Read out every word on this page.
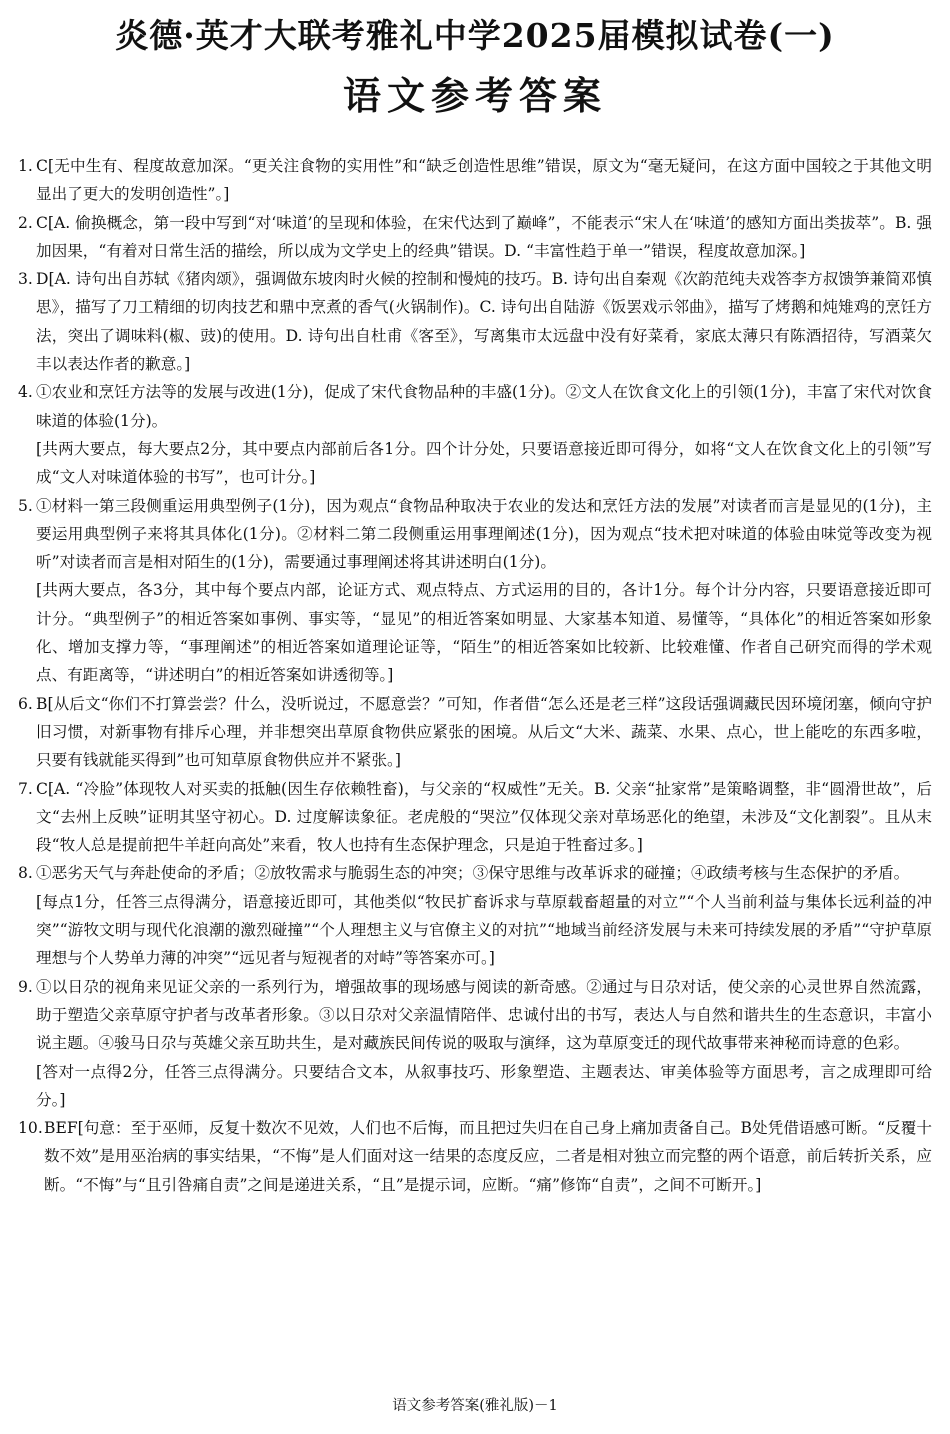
炎德·英才大联考雅礼中学2025届模拟试卷(一)
语文参考答案
1. C[无中生有、程度故意加深。“更关注食物的实用性”和“缺乏创造性思维”错误，原文为“毫无疑问，在这方面中国较之于其他文明显出了更大的发明创造性”。]

2. C[A. 偷换概念，第一段中写到“对‘味道’的呈现和体验，在宋代达到了巅峰”，不能表示“宋人在‘味道’的感知方面出类拔萃”。B. 强加因果，“有着对日常生活的描绘，所以成为文学史上的经典”错误。D. “丰富性趋于单一”错误，程度故意加深。]

3. D[A. 诗句出自苏轼《猪肉颂》，强调做东坡肉时火候的控制和慢炖的技巧。B. 诗句出自秦观《次韵范纯夫戏答李方叔馈笋兼简邓慎思》，描写了刀工精细的切肉技艺和鼎中烹煮的香气(火锅制作)。C. 诗句出自陆游《饭罢戏示邻曲》，描写了烤鹅和炖雉鸡的烹饪方法，突出了调味料(椒、豉)的使用。D. 诗句出自杜甫《客至》，写离集市太远盘中没有好菜肴，家底太薄只有陈酒招待，写酒菜欠丰以表达作者的歉意。]

4. ①农业和烹饪方法等的发展与改进(1分)，促成了宋代食物品种的丰盛(1分)。②文人在饮食文化上的引领(1分)，丰富了宋代对饮食味道的体验(1分)。

[共两大要点，每大要点2分，其中要点内部前后各1分。四个计分处，只要语意接近即可得分，如将“文人在饮食文化上的引领”写成“文人对味道体验的书写”，也可计分。]

5. ①材料一第三段侧重运用典型例子(1分)，因为观点“食物品种取决于农业的发达和烹饪方法的发展”对读者而言是显见的(1分)，主要运用典型例子来将其具体化(1分)。②材料二第二段侧重运用事理阐述(1分)，因为观点“技术把对味道的体验由味觉等改变为视听”对读者而言是相对陌生的(1分)，需要通过事理阐述将其讲述明白(1分)。

[共两大要点，各3分，其中每个要点内部，论证方式、观点特点、方式运用的目的，各计1分。每个计分内容，只要语意接近即可计分。“典型例子”的相近答案如事例、事实等，“显见”的相近答案如明显、大家基本知道、易懂等，“具体化”的相近答案如形象化、增加支撑力等，“事理阐述”的相近答案如道理论证等，“陌生”的相近答案如比较新、比较难懂、作者自己研究而得的学术观点、有距离等，“讲述明白”的相近答案如讲透彻等。]

6. B[从后文“你们不打算尝尝？什么，没听说过，不愿意尝？”可知，作者借“怎么还是老三样”这段话强调藏民因环境闭塞，倾向守护旧习惯，对新事物有排斥心理，并非想突出草原食物供应紧张的困境。从后文“大米、蔬菜、水果、点心，世上能吃的东西多啦，只要有钱就能买得到”也可知草原食物供应并不紧张。]

7. C[A. “冷脸”体现牧人对买卖的抵触(因生存依赖牲畜)，与父亲的“权威性”无关。B. 父亲“扯家常”是策略调整，非“圆滑世故”，后文“去州上反映”证明其坚守初心。D. 过度解读象征。老虎般的“哭泣”仅体现父亲对草场恶化的绝望，未涉及“文化割裂”。且从末段“牧人总是提前把牛羊赶向高处”来看，牧人也持有生态保护理念，只是迫于牲畜过多。]

8. ①恶劣天气与奔赴使命的矛盾；②放牧需求与脆弱生态的冲突；③保守思维与改革诉求的碰撞；④政绩考核与生态保护的矛盾。

[每点1分，任答三点得满分，语意接近即可，其他类似“牧民扩畜诉求与草原载畜超量的对立”“个人当前利益与集体长远利益的冲突”“游牧文明与现代化浪潮的激烈碰撞”“个人理想主义与官僚主义的对抗”“地域当前经济发展与未来可持续发展的矛盾”“守护草原理想与个人势单力薄的冲突”“远见者与短视者的对峙”等答案亦可。]

9. ①以日尕的视角来见证父亲的一系列行为，增强故事的现场感与阅读的新奇感。②通过与日尕对话，使父亲的心灵世界自然流露，助于塑造父亲草原守护者与改革者形象。③以日尕对父亲温情陪伴、忠诚付出的书写，表达人与自然和谐共生的生态意识，丰富小说主题。④骏马日尕与英雄父亲互助共生，是对藏族民间传说的吸取与演绎，这为草原变迁的现代故事带来神秘而诗意的色彩。

[答对一点得2分，任答三点得满分。只要结合文本，从叙事技巧、形象塑造、主题表达、审美体验等方面思考，言之成理即可给分。]

10. BEF[句意：至于巫师，反复十数次不见效，人们也不后悔，而且把过失归在自己身上痛加责备自己。B处凭借语感可断。“反覆十数不效”是用巫治病的事实结果，“不悔”是人们面对这一结果的态度反应，二者是相对独立而完整的两个语意，前后转折关系，应断。“不悔”与“且引咎痛自责”之间是递进关系，“且”是提示词，应断。“痛”修饰“自责”，之间不可断开。]

语文参考答案(雅礼版)－1
